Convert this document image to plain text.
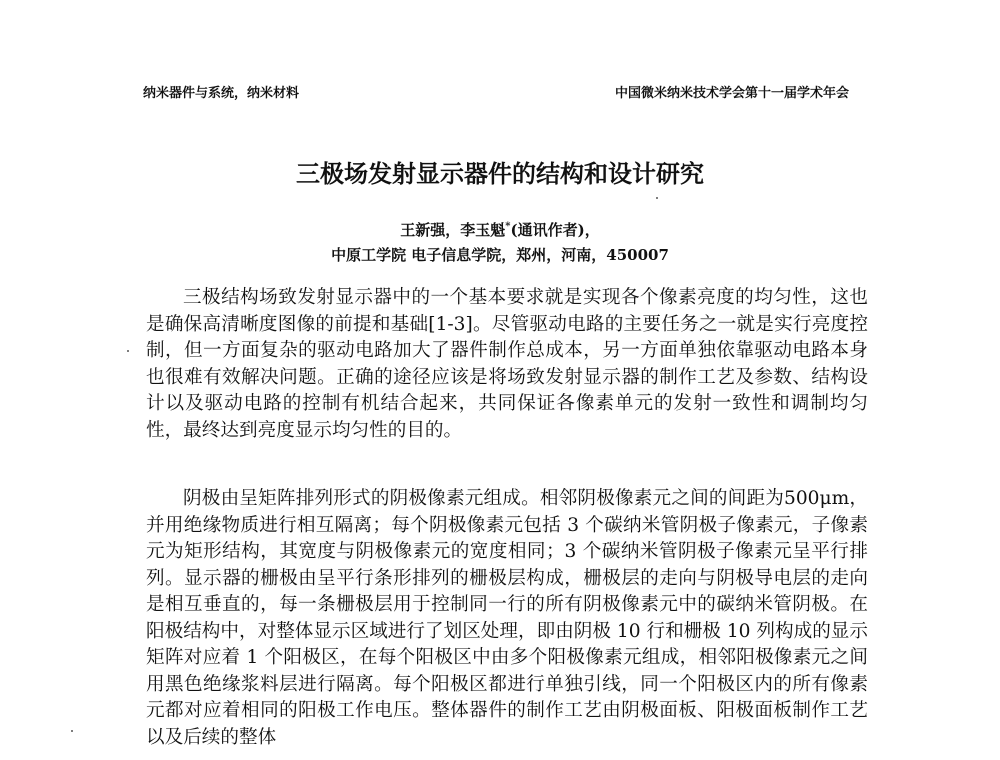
纳米器件与系统，纳米材料	中国微米纳米技术学会第十一届学术年会
三极场发射显示器件的结构和设计研究
王新强，李玉魁*(通讯作者)，
中原工学院 电子信息学院，郑州，河南，450007

三极结构场致发射显示器中的一个基本要求就是实现各个像素亮度的均匀性，这也是确保高清晰度图像的前提和基础[1-3]。尽管驱动电路的主要任务之一就是实行亮度控制，但一方面复杂的驱动电路加大了器件制作总成本，另一方面单独依靠驱动电路本身也很难有效解决问题。正确的途径应该是将场致发射显示器的制作工艺及参数、结构设计以及驱动电路的控制有机结合起来，共同保证各像素单元的发射一致性和调制均匀性，最终达到亮度显示均匀性的目的。

阴极由呈矩阵排列形式的阴极像素元组成。相邻阴极像素元之间的间距为500μm，并用绝缘物质进行相互隔离；每个阴极像素元包括 3 个碳纳米管阴极子像素元，子像素元为矩形结构，其宽度与阴极像素元的宽度相同；3 个碳纳米管阴极子像素元呈平行排列。显示器的栅极由呈平行条形排列的栅极层构成，栅极层的走向与阴极导电层的走向是相互垂直的，每一条栅极层用于控制同一行的所有阴极像素元中的碳纳米管阴极。在阳极结构中，对整体显示区域进行了划区处理，即由阴极 10 行和栅极 10 列构成的显示矩阵对应着 1 个阳极区，在每个阳极区中由多个阳极像素元组成，相邻阳极像素元之间用黑色绝缘浆料层进行隔离。每个阳极区都进行单独引线，同一个阳极区内的所有像素元都对应着相同的阳极工作电压。整体器件的制作工艺由阴极面板、阳极面板制作工艺以及后续的整体
